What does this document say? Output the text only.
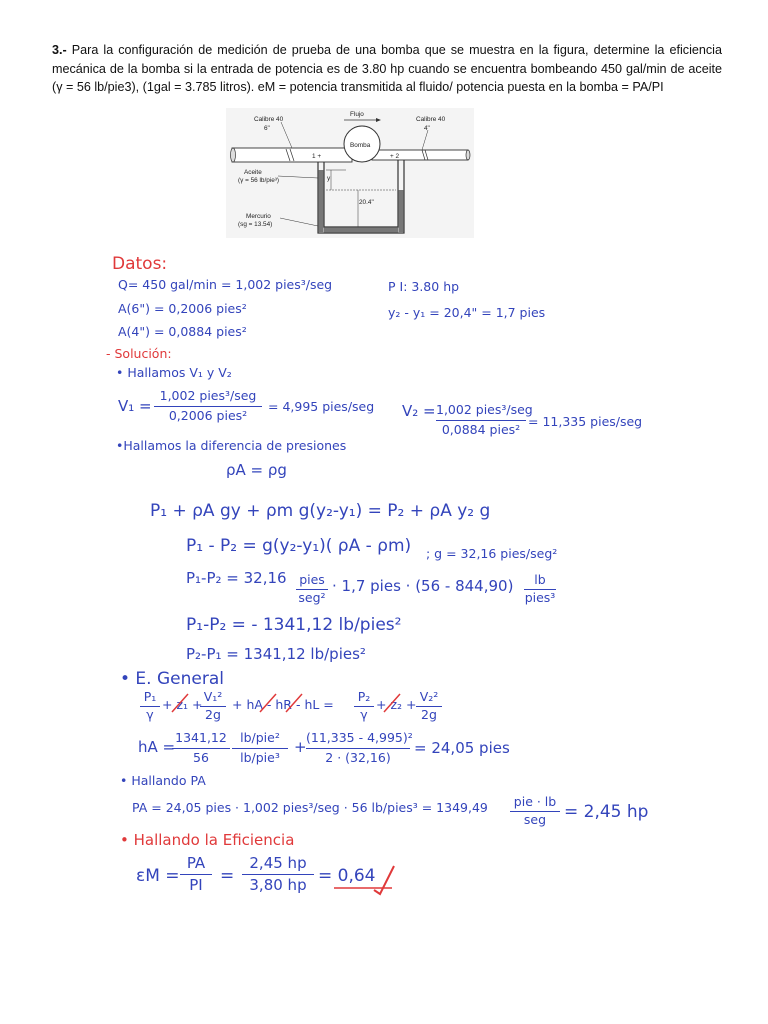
3.- Para la configuración de medición de prueba de una bomba que se muestra en la figura, determine la eficiencia mecánica de la bomba si la entrada de potencia es de 3.80 hp cuando se encuentra bombeando 450 gal/min de aceite (γ = 56 lb/pie3), (1gal = 3.785 litros). eM = potencia transmitida al fluido/ potencia puesta en la bomba = PA/PI
Calibre 40
6"
Flujo
Calibre 40
4"
Bomba
1 +	+ 2
Aceite
(γ = 56 lb/pie³)	y
20.4"
Mercurio
(sg = 13.54)
Datos:
Q= 450 gal/min = 1,002 pies³/seg
A(6") = 0,2006 pies²
A(4") = 0,0884 pies²
P I: 3.80 hp
y₂ - y₁ = 20,4" = 1,7 pies
- Solución:
• Hallamos V₁ y V₂
V₁ =
1,002 pies³/seg
0,2006 pies²
= 4,995 pies/seg V₂ = 1,002 pies³/seg
0,0884 pies² = 11,335 pies/seg
•Hallamos la diferencia de presiones
ρA = ρg
P₁ + ρA gy + ρm g(y₂-y₁) = P₂ + ρA y₂ g
P₁ - P₂ = g(y₂-y₁)( ρA - ρm) ; g = 32,16 pies/seg²
P₁-P₂ = 32,16 pies
seg²
· 1,7 pies · (56 - 844,90)	lb
pies³
P₁-P₂ = - 1341,12 lb/pies²
P₂-P₁ = 1341,12 lb/pies²
• E. General
$\frac{\text{P₁}}{\gamma} + z_1$ +
$\frac{\text{V₁²}}{2g}$ + hA - hR - hL = $\frac{\text{P₂}}{\gamma} + z_2 + \frac{\text{V₂²}}{2g}$
hA =
$\frac{1341,12}{56} lb/pie^2$
lb/pie³
+ $\frac{\text{(11,335 - 4,995)²}}{2 \cdot (32,16)} = 24,05$ pies
• Hallando PA
PA = 24,05 pies · 1,002 pies³/seg · 56 lb/pies³ = 1349,49	pie · lb
seg	= 2,45 hp
• Hallando la Eficiencia
$\varepsilon M = \frac{PA}{PI} = \frac{2,45 hp}{3,80 hp} = 0,64$
